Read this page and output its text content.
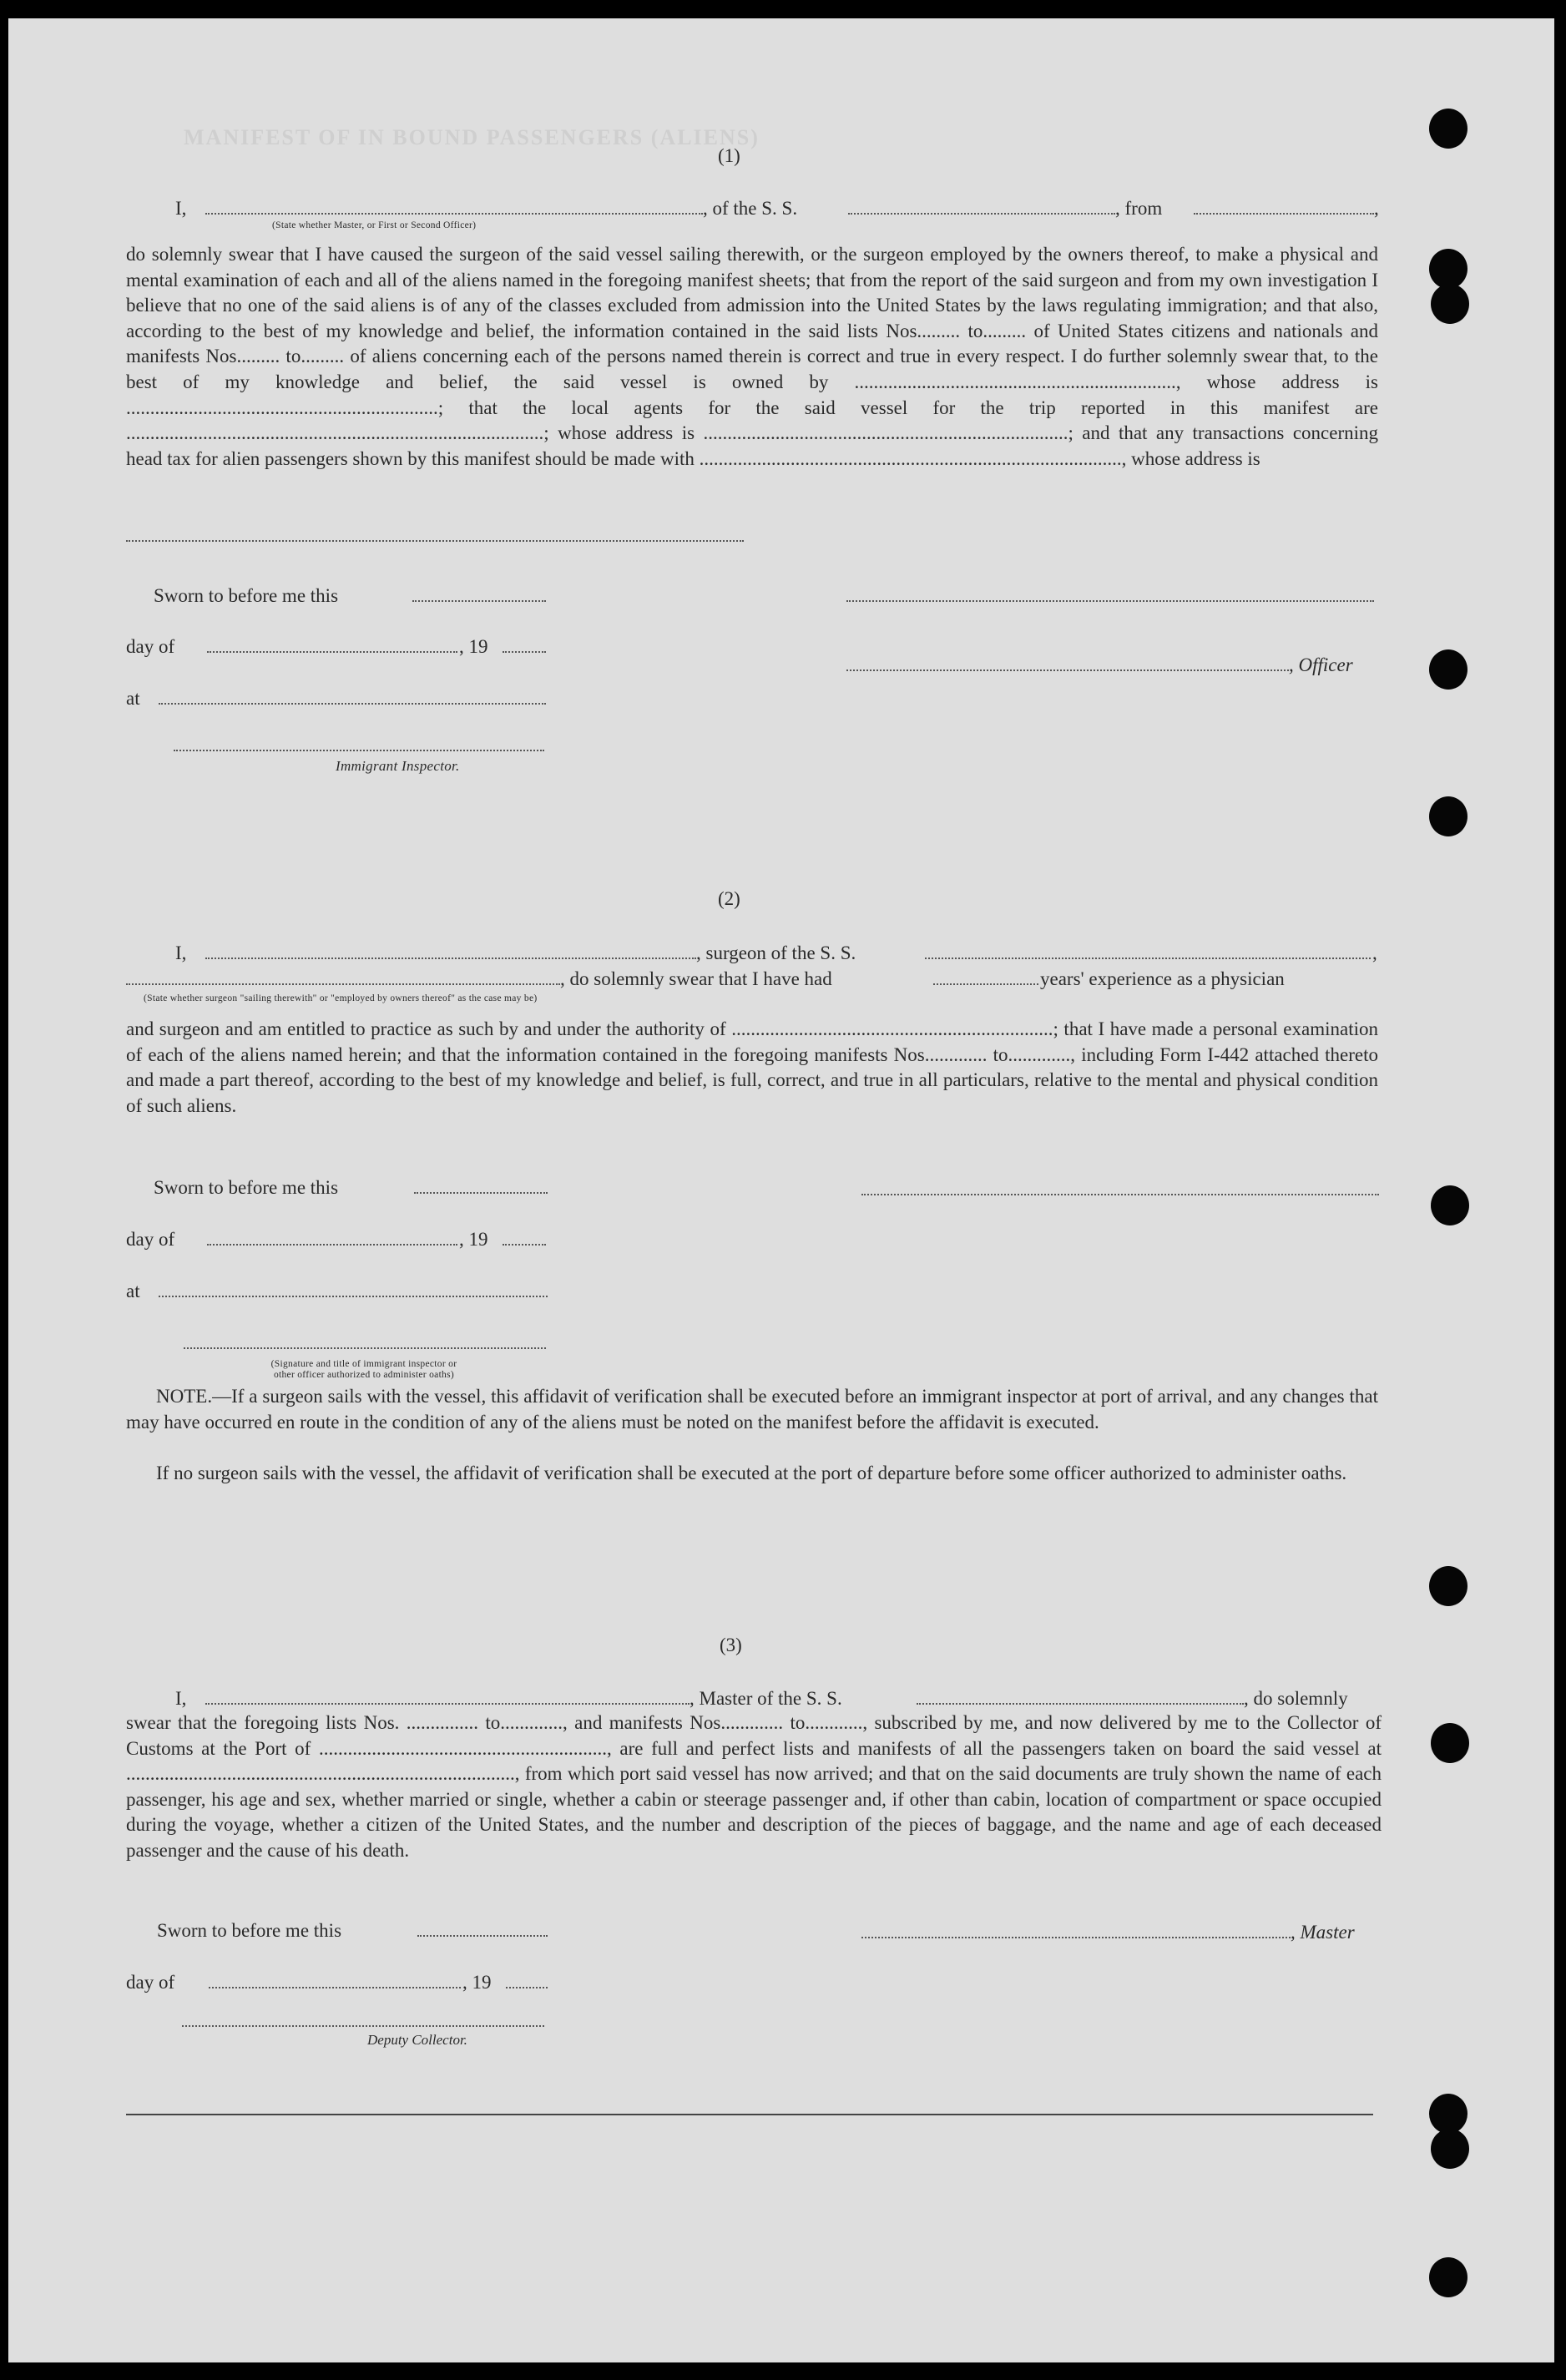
MANIFEST OF IN BOUND PASSENGERS (ALIENS)
(1)
I,	, of the S. S.	, from	,
(State whether Master, or First or Second Officer)
do solemnly swear that I have caused the surgeon of the said vessel sailing therewith, or the surgeon employed by the owners thereof, to make a physical and mental examination of each and all of the aliens named in the foregoing manifest sheets; that from the report of the said surgeon and from my own investigation I believe that no one of the said aliens is of any of the classes excluded from admission into the United States by the laws regulating immigration; and that also, according to the best of my knowledge and belief, the information contained in the said lists Nos......... to......... of United States citizens and nationals and manifests Nos......... to......... of aliens concerning each of the persons named therein is correct and true in every respect. I do further solemnly swear that, to the best of my knowledge and belief, the said vessel is owned by ..................................................................., whose address is .................................................................; that the local agents for the said vessel for the trip reported in this manifest are .......................................................................................; whose address is ............................................................................; and that any transactions concerning head tax for alien passengers shown by this manifest should be made with ........................................................................................, whose address is
Sworn to before me this
day of	, 19
, Officer
at
Immigrant Inspector.
(2)
I,	, surgeon of the S. S.	,
, do solemnly swear that I have had	years' experience as a physician
(State whether surgeon "sailing therewith" or "employed by owners thereof" as the case may be)
and surgeon and am entitled to practice as such by and under the authority of ...................................................................; that I have made a personal examination of each of the aliens named herein; and that the information contained in the foregoing manifests Nos............. to............., including Form I-442 attached thereto and made a part thereof, according to the best of my knowledge and belief, is full, correct, and true in all particulars, relative to the mental and physical condition of such aliens.
Sworn to before me this
day of	, 19
at
(Signature and title of immigrant inspector or
other officer authorized to administer oaths)
NOTE.—If a surgeon sails with the vessel, this affidavit of verification shall be executed before an immigrant inspector at port of arrival, and any changes that may have occurred en route in the condition of any of the aliens must be noted on the manifest before the affidavit is executed.
If no surgeon sails with the vessel, the affidavit of verification shall be executed at the port of departure before some officer authorized to administer oaths.
(3)
I,	, Master of the S. S.	, do solemnly
swear that the foregoing lists Nos. ............... to............., and manifests Nos............. to............, subscribed by me, and now delivered by me to the Collector of Customs at the Port of ............................................................, are full and perfect lists and manifests of all the passengers taken on board the said vessel at ................................................................................., from which port said vessel has now arrived; and that on the said documents are truly shown the name of each passenger, his age and sex, whether married or single, whether a cabin or steerage passenger and, if other than cabin, location of compartment or space occupied during the voyage, whether a citizen of the United States, and the number and description of the pieces of baggage, and the name and age of each deceased passenger and the cause of his death.
Sworn to before me this	, Master
day of	, 19
Deputy Collector.
